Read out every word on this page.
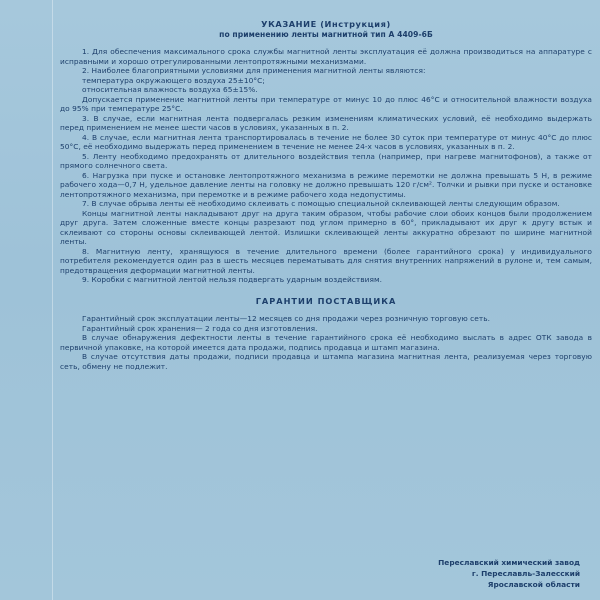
УКАЗАНИЕ (Инструкция)

по применению ленты магнитной тип А 4409-6Б

1. Для обеспечения максимального срока службы магнитной ленты эксплуатация её должна производиться на аппаратуре с исправными и хорошо отрегулированными лентопротяжными механизмами.

2. Наиболее благоприятными условиями для применения магнитной ленты являются:

температура окружающего воздуха 25±10°С;

относительная влажность воздуха 65±15%.

Допускается применение магнитной ленты при температуре от минус 10 до плюс 46°С и относительной влажности воздуха до 95% при температуре 25°С.

3. В случае, если магнитная лента подвергалась резким изменениям климатических условий, её необходимо выдержать перед применением не менее шести часов в условиях, указанных в п. 2.

4. В случае, если магнитная лента транспортировалась в течение не более 30 суток при температуре от минус 40°С до плюс 50°С, её необходимо выдержать перед применением в течение не менее 24-х часов в условиях, указанных в п. 2.

5. Ленту необходимо предохранять от длительного воздействия тепла (например, при нагреве магнитофонов), а также от прямого солнечного света.

6. Нагрузка при пуске и остановке лентопротяжного механизма в режиме перемотки не должна превышать 5 Н, в режиме рабочего хода—0,7 Н, удельное давление ленты на головку не должно превышать 120 г/см². Толчки и рывки при пуске и остановке лентопротяжного механизма, при перемотке и в режиме рабочего хода недопустимы.

7. В случае обрыва ленты её необходимо склеивать с помощью специальной склеивающей ленты следующим образом.

Концы магнитной ленты накладывают друг на друга таким образом, чтобы рабочие слои обоих концов были продолжением друг друга. Затем сложенные вместе концы разрезают под углом примерно в 60°, прикладывают их друг к другу встык и склеивают со стороны основы склеивающей лентой. Излишки склеивающей ленты аккуратно обрезают по ширине магнитной ленты.

8. Магнитную ленту, хранящуюся в течение длительного времени (более гарантийного срока) у индивидуального потребителя рекомендуется один раз в шесть месяцев перематывать для снятия внутренних напряжений в рулоне и, тем самым, предотвращения деформации магнитной ленты.

9. Коробки с магнитной лентой нельзя подвергать ударным воздействиям.

ГАРАНТИИ ПОСТАВЩИКА

Гарантийный срок эксплуатации ленты—12 месяцев со дня продажи через розничную торговую сеть.

Гарантийный срок хранения— 2 года со дня изготовления.

В случае обнаружения дефектности ленты в течение гарантийного срока её необходимо выслать в адрес ОТК завода в первичной упаковке, на которой имеется дата продажи, подпись продавца и штамп магазина.

В случае отсутствия даты продажи, подписи продавца и штампа магазина магнитная лента, реализуемая через торговую сеть, обмену не подлежит.

Переславский химический завод
г. Переславль-Залесский
Ярославской области
